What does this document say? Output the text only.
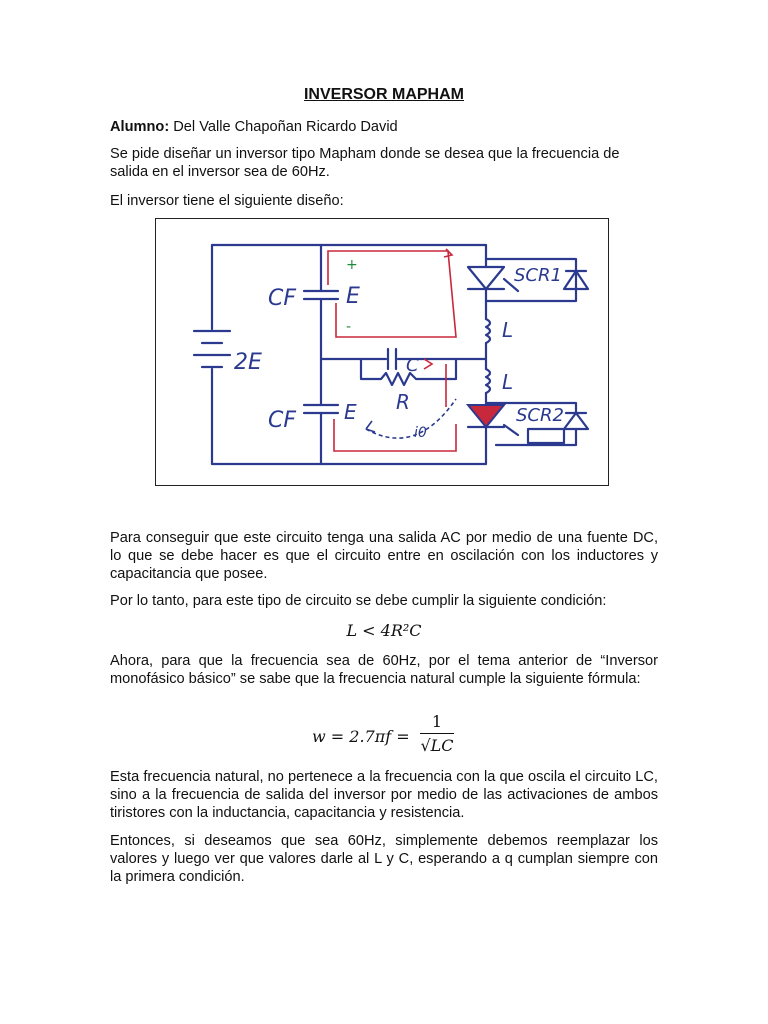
INVERSOR MAPHAM
Alumno: Del Valle Chapoñan Ricardo David
Se pide diseñar un inversor tipo Mapham donde se desea que la frecuencia de salida en el inversor sea de 60Hz.
El inversor tiene el siguiente diseño:
+
-
CF
CF
E
E
2E
SCR1
SCR2
L
L
C
R
i0
Para conseguir que este circuito tenga una salida AC por medio de una fuente DC, lo que se debe hacer es que el circuito entre en oscilación con los inductores y capacitancia que posee.
Por lo tanto, para este tipo de circuito se debe cumplir la siguiente condición:
L < 4R²C
Ahora, para que la frecuencia sea de 60Hz, por el tema anterior de “Inversor monofásico básico” se sabe que la frecuencia natural cumple la siguiente fórmula:
$w = 2.7\pi f = \frac{1}{√LC}$
Esta frecuencia natural, no pertenece a la frecuencia con la que oscila el circuito LC, sino a la frecuencia de salida del inversor por medio de las activaciones de ambos tiristores con la inductancia, capacitancia y resistencia.
Entonces, si deseamos que sea 60Hz, simplemente debemos reemplazar los valores y luego ver que valores darle al L y C, esperando a q cumplan siempre con la primera condición.
